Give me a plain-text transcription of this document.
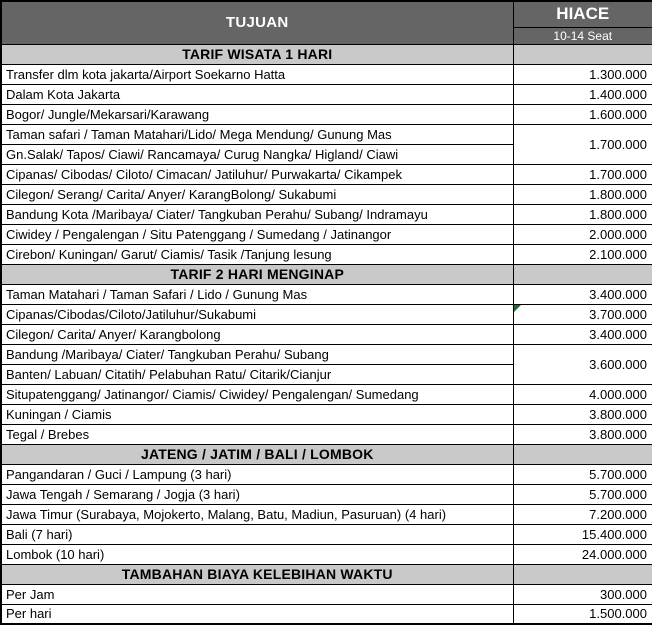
TUJUAN	HIACE
	10-14 Seat
TARIF WISATA 1 HARI	
Transfer dlm kota jakarta/Airport Soekarno Hatta	1.300.000
Dalam Kota Jakarta	1.400.000
Bogor/ Jungle/Mekarsari/Karawang	1.600.000
Taman safari / Taman Matahari/Lido/ Mega Mendung/ Gunung Mas	1.700.000
Gn.Salak/ Tapos/ Ciawi/ Rancamaya/ Curug Nangka/ Higland/ Ciawi	
Cipanas/ Cibodas/ Ciloto/ Cimacan/ Jatiluhur/ Purwakarta/ Cikampek	1.700.000
Cilegon/ Serang/ Carita/ Anyer/ KarangBolong/ Sukabumi	1.800.000
Bandung Kota /Maribaya/ Ciater/ Tangkuban Perahu/ Subang/ Indramayu	1.800.000
Ciwidey / Pengalengan / Situ Patenggang / Sumedang / Jatinangor	2.000.000
Cirebon/ Kuningan/ Garut/ Ciamis/ Tasik /Tanjung lesung	2.100.000
TARIF 2 HARI MENGINAP	
Taman Matahari / Taman Safari / Lido / Gunung Mas	3.400.000
Cipanas/Cibodas/Ciloto/Jatiluhur/Sukabumi	3.700.000

Cilegon/ Carita/ Anyer/ Karangbolong	3.400.000
Bandung /Maribaya/ Ciater/ Tangkuban Perahu/ Subang	3.600.000
Banten/ Labuan/ Citatih/ Pelabuhan Ratu/ Citarik/Cianjur	
Situpatenggang/ Jatinangor/ Ciamis/ Ciwidey/ Pengalengan/ Sumedang	4.000.000
Kuningan / Ciamis	3.800.000
Tegal / Brebes	3.800.000
JATENG / JATIM / BALI / LOMBOK	
Pangandaran / Guci / Lampung (3 hari)	5.700.000
Jawa Tengah / Semarang / Jogja (3 hari)	5.700.000
Jawa Timur (Surabaya, Mojokerto, Malang, Batu, Madiun, Pasuruan) (4 hari)	7.200.000
Bali (7 hari)	15.400.000
Lombok (10 hari)	24.000.000
TAMBAHAN BIAYA KELEBIHAN WAKTU	
Per Jam	300.000
Per hari	1.500.000
